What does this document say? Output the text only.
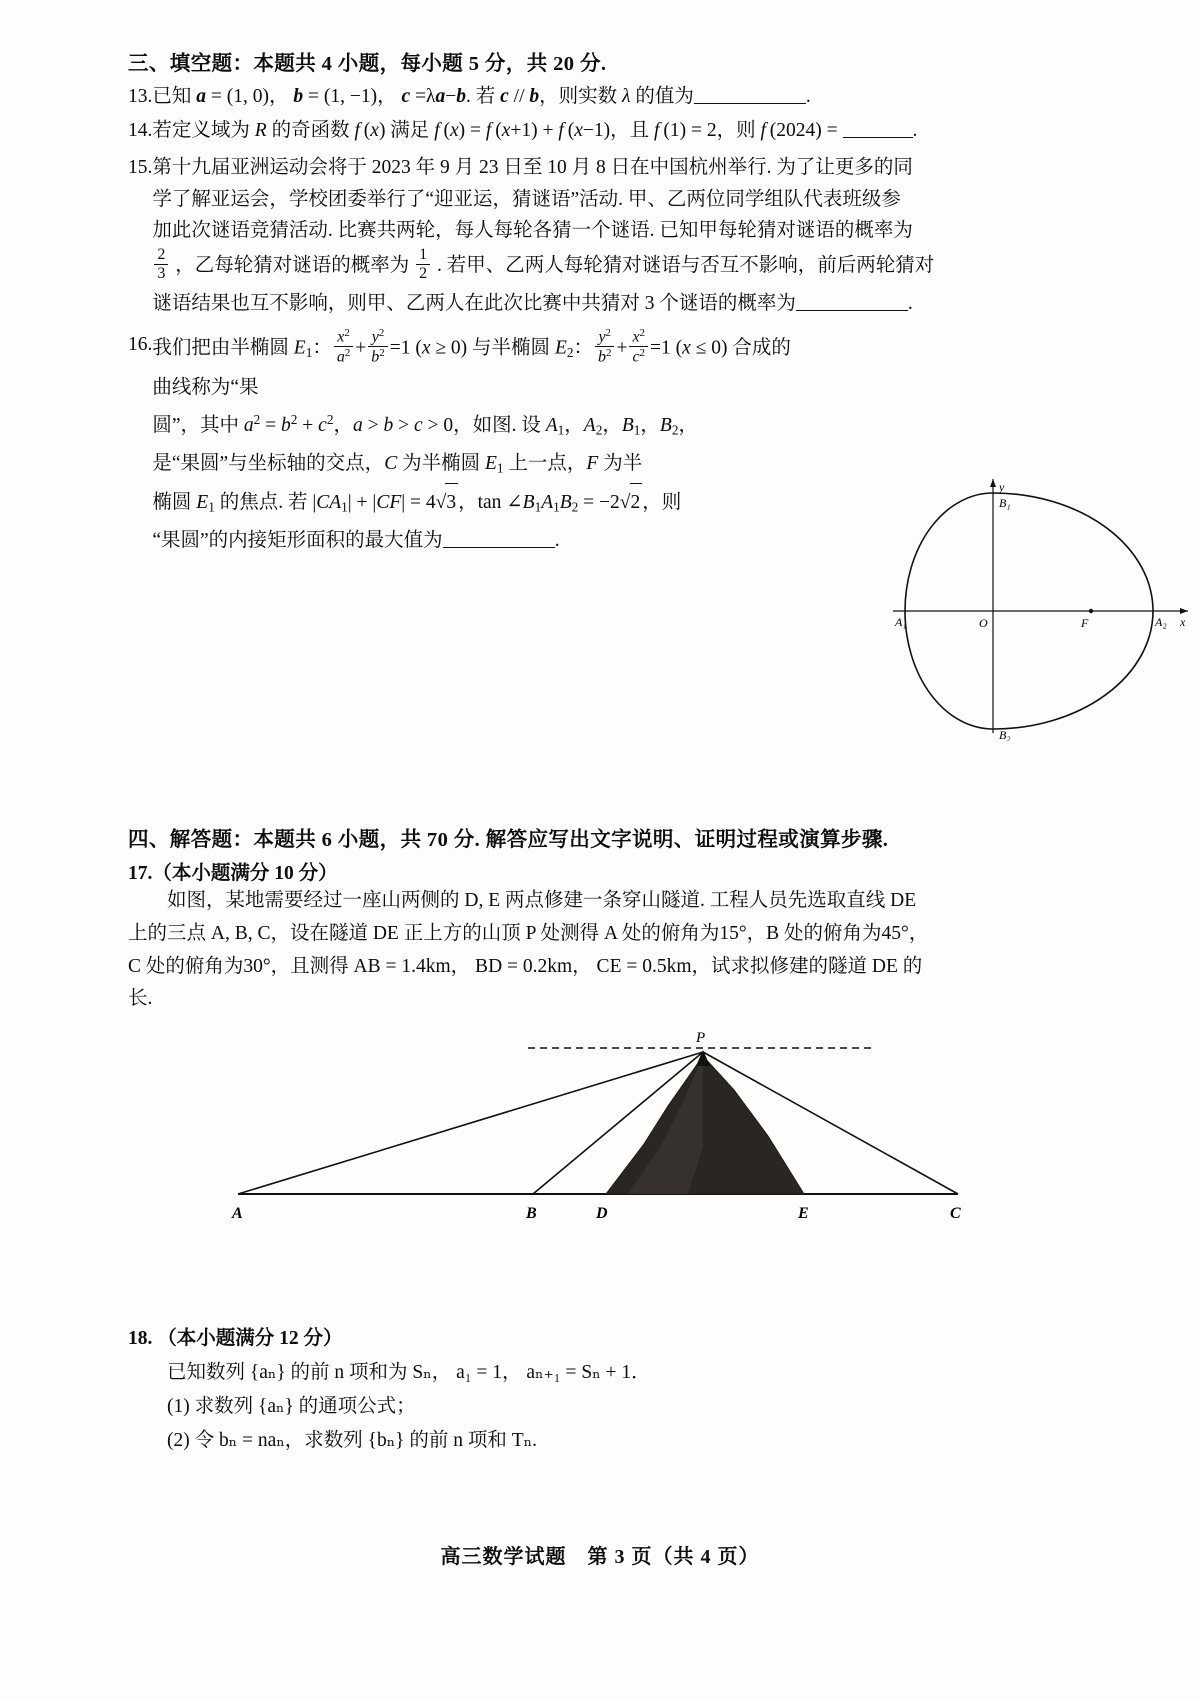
三、填空题：本题共 4 小题，每小题 5 分，共 20 分.
13. 已知 a = (1, 0)， b = (1, −1)， c =λa−b. 若 c // b，则实数 λ 的值为	.
14. 若定义域为 R 的奇函数 f (x) 满足 f (x) = f (x+1) + f (x−1)，且 f (1) = 2，则 f (2024) =	.
15. 第十九届亚洲运动会将于 2023 年 9 月 23 日至 10 月 8 日在中国杭州举行. 为了让更多的同
学了解亚运会，学校团委举行了“迎亚运，猜谜语”活动. 甲、乙两位同学组队代表班级参
加此次谜语竞猜活动. 比赛共两轮，每人每轮各猜一个谜语. 已知甲每轮猜对谜语的概率为
$\frac{2}{3}$ ，乙每轮猜对谜语的概率为 $\frac{1}{2}$ . 若甲、乙两人每轮猜对谜语与否互不影响，前后两轮猜对
谜语结果也互不影响，则甲、乙两人在此次比赛中共猜对 3 个谜语的概率为	.
16. 我们把由半椭圆 $E_1$： $\frac{x^2}{a^2} + \frac{y^2}{b^2} =1$ (x ≥ 0) 与半椭圆 $E_2$： $\frac{y^2}{b^2} + \frac{x^2}{c^2} =1$ (x ≤ 0) 合成的曲线称为“果
圆”，其中 $a^2 = b^2 + c^2$，a > b > c > 0，如图. 设 $A_1$，$A_2$，$B_1$，$B_2$，
是“果圆”与坐标轴的交点，C 为半椭圆 $E_1$ 上一点，F 为半
椭圆 $E_1$ 的焦点. 若 $|CA_1| + |CF| = 4√3$ ，$\tan \angle B_1A_1B_2 = -2√2$ ，则
“果圆”的内接矩形面积的最大值为	.
y
B₁
B₂
A₁	A₂ x
O	F
四、解答题：本题共 6 小题，共 70 分. 解答应写出文字说明、证明过程或演算步骤.
17.（本小题满分 10 分）
如图，某地需要经过一座山两侧的 D, E 两点修建一条穿山隧道. 工程人员先选取直线 DE
上的三点 A, B, C，设在隧道 DE 正上方的山顶 P 处测得 A 处的俯角为15°，B 处的俯角为45°，
C 处的俯角为30°，且测得 AB = 1.4km， BD = 0.2km， CE = 0.5km，试求拟修建的隧道 DE 的
长.
P
A	B	D	E	C
18. （本小题满分 12 分）
已知数列 {aₙ} 的前 n 项和为 Sₙ， a₁ = 1， aₙ₊₁ = Sₙ + 1．
(1) 求数列 {aₙ} 的通项公式；
(2) 令 bₙ = naₙ，求数列 {bₙ} 的前 n 项和 Tₙ.
高三数学试题　第 3 页（共 4 页）
